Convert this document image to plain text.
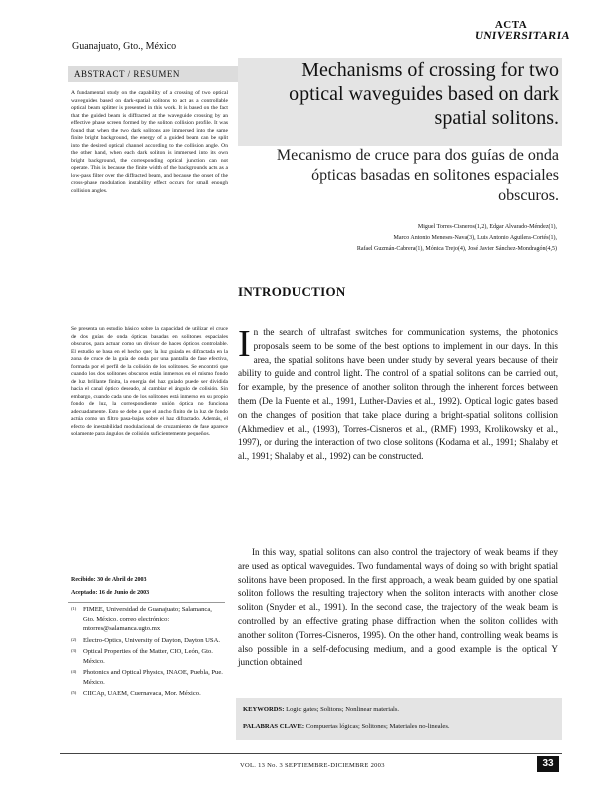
Guanajuato, Gto., México
ACTA
UNIVERSITARIA
ABSTRACT / RESUMEN
A fundamental study on the capability of a crossing of two optical waveguides based on dark-spatial solitons to act as a controllable optical beam splitter is presented in this work. It is based on the fact that the guided beam is diffracted at the waveguide crossing by an effective phase screen formed by the soliton collision profile. It was found that when the two dark solitons are immersed into the same finite bright background, the energy of a guided beam can be split into the desired optical channel according to the collision angle. On the other hand, when each dark soliton is immersed into its own bright background, the corresponding optical junction can not operate. This is because the finite width of the backgrounds acts as a low-pass filter over the diffracted beam, and because the onset of the cross-phase modulation instability effect occurs for small enough collision angles.
Se presenta un estudio básico sobre la capacidad de utilizar el cruce de dos guías de onda ópticas basadas en solitones espaciales obscuros, para actuar como un divisor de haces ópticos controlable. El estudio se basa en el hecho que; la luz guiada es difractada en la zona de cruce de la guía de onda por una pantalla de fase efectiva, formada por el perfil de la colisión de los solitones. Se encontró que cuando los dos solitones obscuros están inmersos en el mismo fondo de luz brillante finita, la energía del haz guiado puede ser dividida hacia el canal óptico deseado, al cambiar el ángulo de colisión. Sin embargo, cuando cada uno de los solitones está inmerso en su propio fondo de luz, la correspondiente unión óptica no funciona adecuadamente. Esto se debe a que el ancho finito de la luz de fondo actúa como un filtro pasa-bajas sobre el haz difractado. Además, el efecto de inestabilidad modulacional de cruzamiento de fase aparece solamente para ángulos de colisión suficientemente pequeños.
Recibido: 30 de Abril de 2003
Aceptado: 16 de Junio de 2003
(1) FIMEE, Universidad de Guanajuato; Salamanca, Gto. México. correo electrónico: mtorres@salamanca.ugto.mx
(2) Electro-Optics, University of Dayton, Dayton USA.
(3) Optical Properties of the Matter, CIO, León, Gto. México.
(4) Photonics and Optical Physics, INAOE, Puebla, Pue. México.
(5) CIICAp, UAEM, Cuernavaca, Mor. México.
Mechanisms of crossing for two optical waveguides based on dark spatial solitons.
Mecanismo de cruce para dos guías de onda ópticas basadas en solitones espaciales obscuros.
Miguel Torres-Cisneros(1,2), Edgar Alvarado-Méndez(1),
Marco Antonio Meneses-Nava(3), Luis Antonio Aguilera-Cortés(1),
Rafael Guzmán-Cabrera(1), Mónica Trejo(4), José Javier Sánchez-Mondragón(4,5)
INTRODUCTION
In the search of ultrafast switches for communication systems, the photonics proposals seem to be some of the best options to implement in our days. In this area, the spatial solitons have been under study by several years because of their ability to guide and control light. The control of a spatial solitons can be carried out, for example, by the presence of another soliton through the inherent forces between them (De la Fuente et al., 1991, Luther-Davies et al., 1992). Optical logic gates based on the changes of position that take place during a bright-spatial solitons collision (Akhmediev et al., (1993), Torres-Cisneros et al., (RMF) 1993, Krolikowsky et al., 1997), or during the interaction of two close solitons (Kodama et al., 1991; Shalaby et al., 1991; Shalaby et al., 1992) can be constructed.
In this way, spatial solitons can also control the trajectory of weak beams if they are used as optical waveguides. Two fundamental ways of doing so with bright spatial solitons have been proposed. In the first approach, a weak beam guided by one spatial soliton follows the resulting trajectory when the soliton interacts with another close soliton (Snyder et al., 1991). In the second case, the trajectory of the weak beam is controlled by an effective grating phase diffraction when the soliton collides with another soliton (Torres-Cisneros, 1995). On the other hand, controlling weak beams is also possible in a self-defocusing medium, and a good example is the optical Y junction obtained
KEYWORDS: Logic gates; Solitons; Nonlinear materials.
PALABRAS CLAVE: Compuertas lógicas; Solitones; Materiales no-lineales.
VOL. 13 No. 3 SEPTIEMBRE-DICIEMBRE 2003	33
